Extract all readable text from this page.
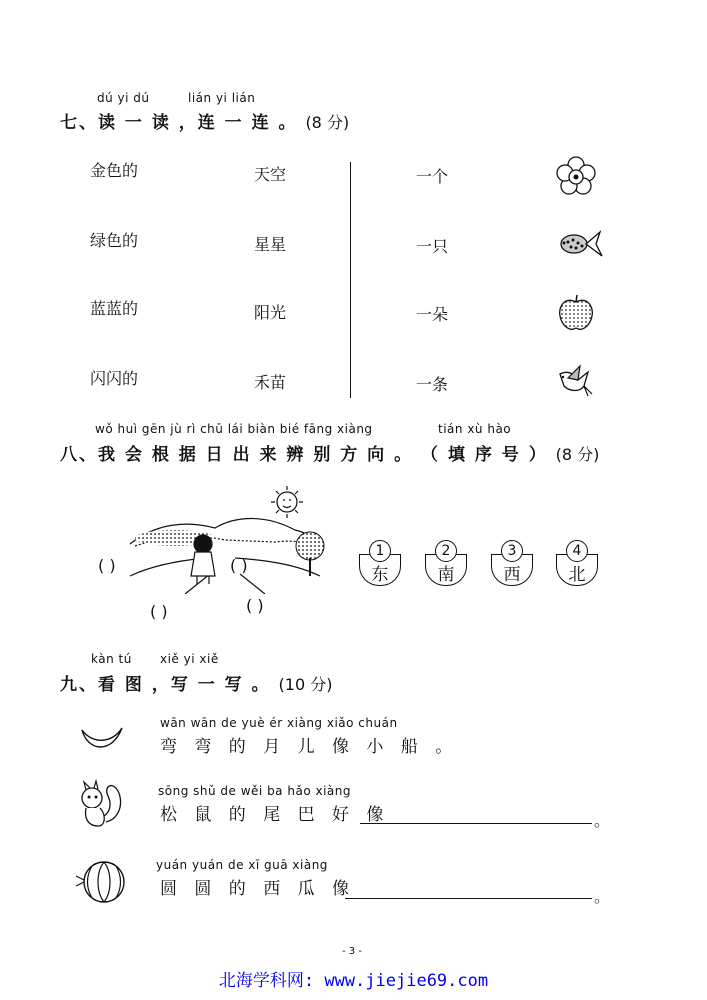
dú yi dú	lián yi lián
七、读 一 读 ，连 一 连 。 (8 分)
金色的
绿色的
蓝蓝的
闪闪的
天空
星星
阳光
禾苗
一个
一只
一朵
一条
wǒ huì gēn jù rì chū lái biàn bié fāng xiàng	tián xù hào
八、我 会 根 据 日 出 来 辨 别 方 向 。 （ 填 序 号 ） (8 分)
( )	( )
( )	( )
1
东
2
南
3
西
4
北
kàn tú xiě yi xiě
九、看 图 ，写 一 写 。 (10 分)
wān wān de yuè ér xiàng xiǎo chuán
弯 弯 的 月 儿 像 小 船 。
sōng shǔ de wěi ba hǎo xiàng
松 鼠 的 尾 巴 好 像	。
yuán yuán de xī guā xiàng
圆 圆 的 西 瓜 像	。
- 3 -
北海学科网: www.jiejie69.com
